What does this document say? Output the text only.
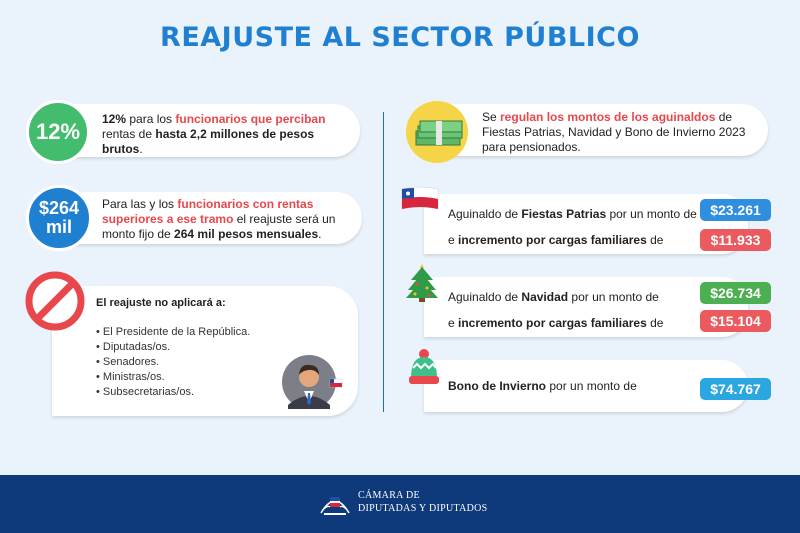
REAJUSTE AL SECTOR PÚBLICO
12% para los funcionarios que perciban rentas de hasta 2,2 millones de pesos brutos.
12%
Para las y los funcionarios con rentas superiores a ese tramo el reajuste será un monto fijo de 264 mil pesos mensuales.
$264
mil
El reajuste no aplicará a:
• El Presidente de la República.
• Diputadas/os.
• Senadores.
• Ministras/os.
• Subsecretarias/os.
Se regulan los montos de los aguinaldos de Fiestas Patrias, Navidad y Bono de Invierno 2023 para pensionados.
Aguinaldo de Fiestas Patrias por un monto de
e incremento por cargas familiares de
$23.261
$11.933
Aguinaldo de Navidad por un monto de
e incremento por cargas familiares de
$26.734
$15.104
Bono de Invierno por un monto de	$74.767
CÁMARA DE
DIPUTADAS Y DIPUTADOS
